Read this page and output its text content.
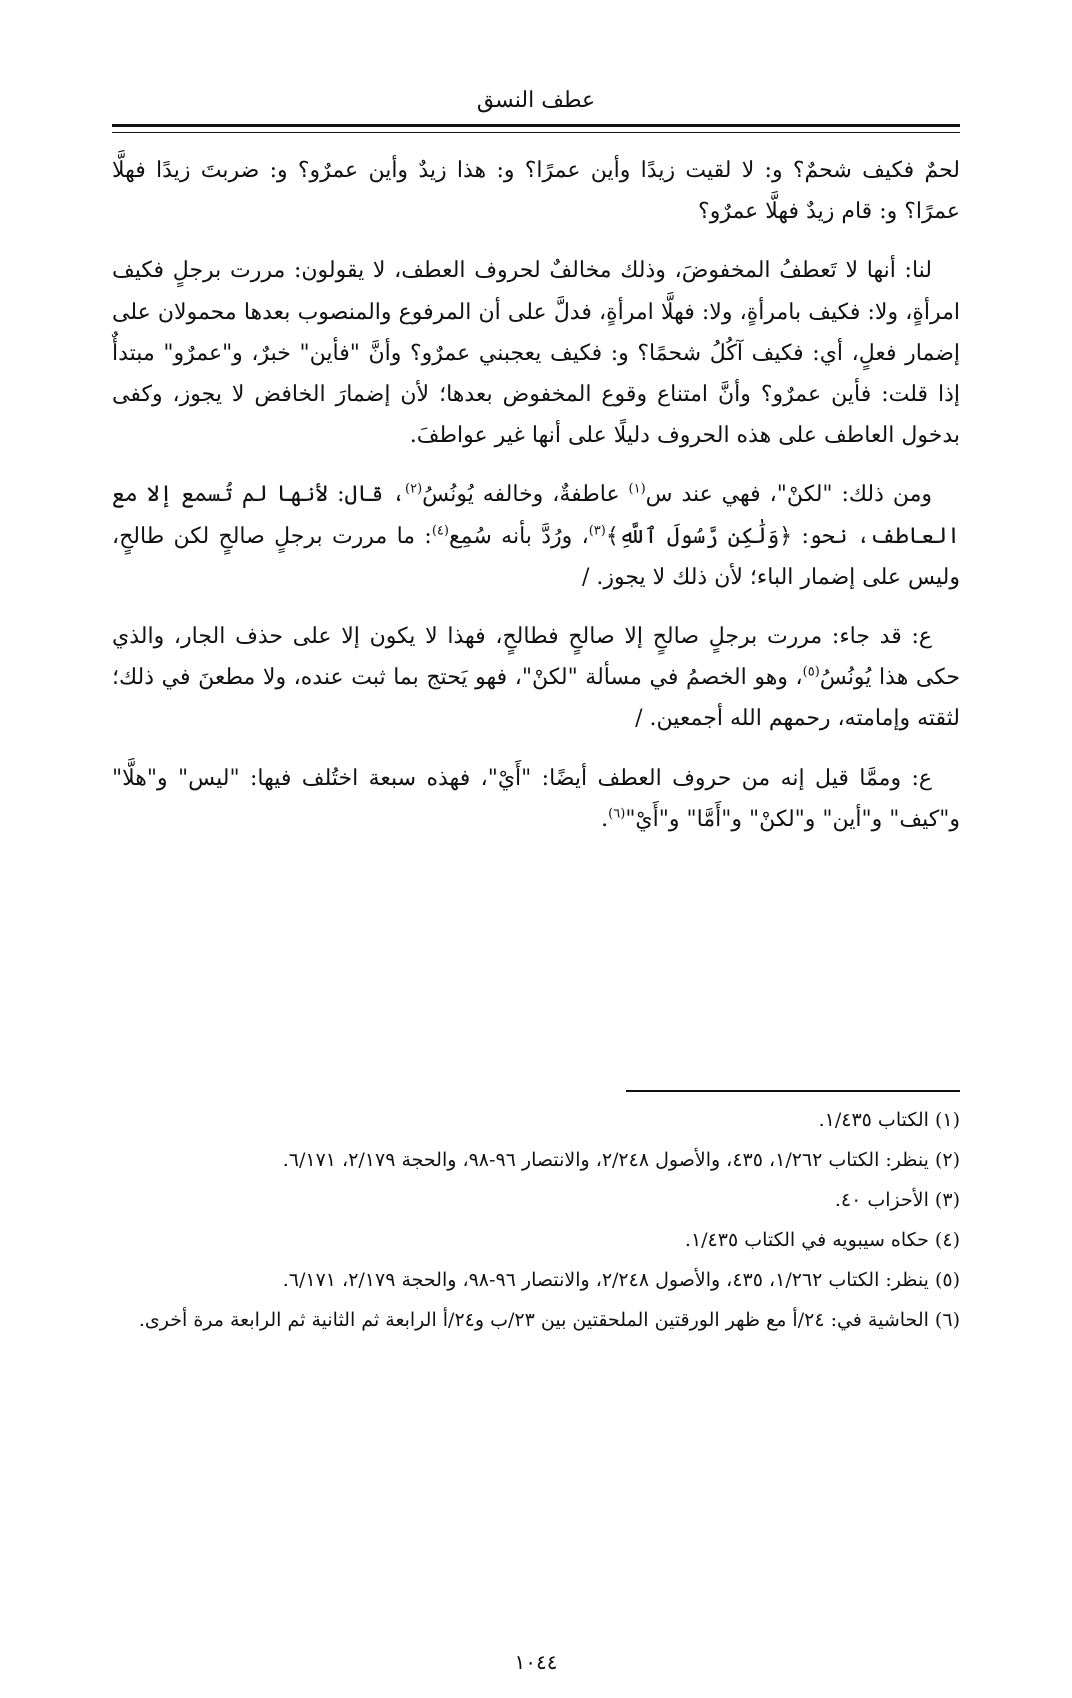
عطف النسق

لحمٌ فكيف شحمٌ؟ و: لا لقيت زيدًا وأين عمرًا؟ و: هذا زيدٌ وأين عمرٌو؟ و: ضربتَ زيدًا فهلَّا عمرًا؟ و: قام زيدٌ فهلَّا عمرٌو؟

لنا: أنها لا تَعطفُ المخفوضَ، وذلك مخالفٌ لحروف العطف، لا يقولون: مررت برجلٍ فكيف امرأةٍ، ولا: فكيف بامرأةٍ، ولا: فهلَّا امرأةٍ، فدلَّ على أن المرفوع والمنصوب بعدها محمولان على إضمار فعلٍ، أي: فكيف آكُلُ شحمًا؟ و: فكيف يعجبني عمرٌو؟ وأنَّ "فأين" خبرٌ، و"عمرٌو" مبتدأٌ إذا قلت: فأين عمرٌو؟ وأنَّ امتناع وقوع المخفوض بعدها؛ لأن إضمارَ الخافض لا يجوز، وكفى بدخول العاطف على هذه الحروف دليلًا على أنها غير عواطفَ.

ومن ذلك: "لكنْ"، فهي عند س$^{(١)}$ عاطفةٌ، وخالفه يُونُسُ$^{(٢)}$، قال: لأنها لم تُسمع إلا مع العاطف، نحو: ﴿وَلَٰكِن رَّسُولَ ٱللَّهِ﴾$^{(٣)}$، ورُدَّ بأنه سُمِع$^{(٤)}$: ما مررت برجلٍ صالحٍ لكن طالحٍ، وليس على إضمار الباء؛ لأن ذلك لا يجوز. /

ع: قد جاء: مررت برجلٍ صالحٍ إلا صالحٍ فطالحٍ، فهذا لا يكون إلا على حذف الجار، والذي حكى هذا يُونُسُ$^{(٥)}$، وهو الخصمُ في مسألة "لكنْ"، فهو يَحتج بما ثبت عنده، ولا مطعنَ في ذلك؛ لثقته وإمامته، رحمهم الله أجمعين. /

ع: وممَّا قيل إنه من حروف العطف أيضًا: "أَيْ"، فهذه سبعة اختُلف فيها: "ليس" و"هلَّا" و"كيف" و"أين" و"لكنْ" و"أَمَّا" و"أَيْ"$^{(٦)}$.

(١) الكتاب ١/٤٣٥.

(٢) ينظر: الكتاب ١/٢٦٢، ٤٣٥، والأصول ٢/٢٤٨، والانتصار ٩٦-٩٨، والحجة ٢/١٧٩، ٦/١٧١.

(٣) الأحزاب ٤٠.

(٤) حكاه سيبويه في الكتاب ١/٤٣٥.

(٥) ينظر: الكتاب ١/٢٦٢، ٤٣٥، والأصول ٢/٢٤٨، والانتصار ٩٦-٩٨، والحجة ٢/١٧٩، ٦/١٧١.

(٦) الحاشية في: ٢٤/أ مع ظهر الورقتين الملحقتين بين ٢٣/ب و٢٤/أ الرابعة ثم الثانية ثم الرابعة مرة أخرى.

١٠٤٤
